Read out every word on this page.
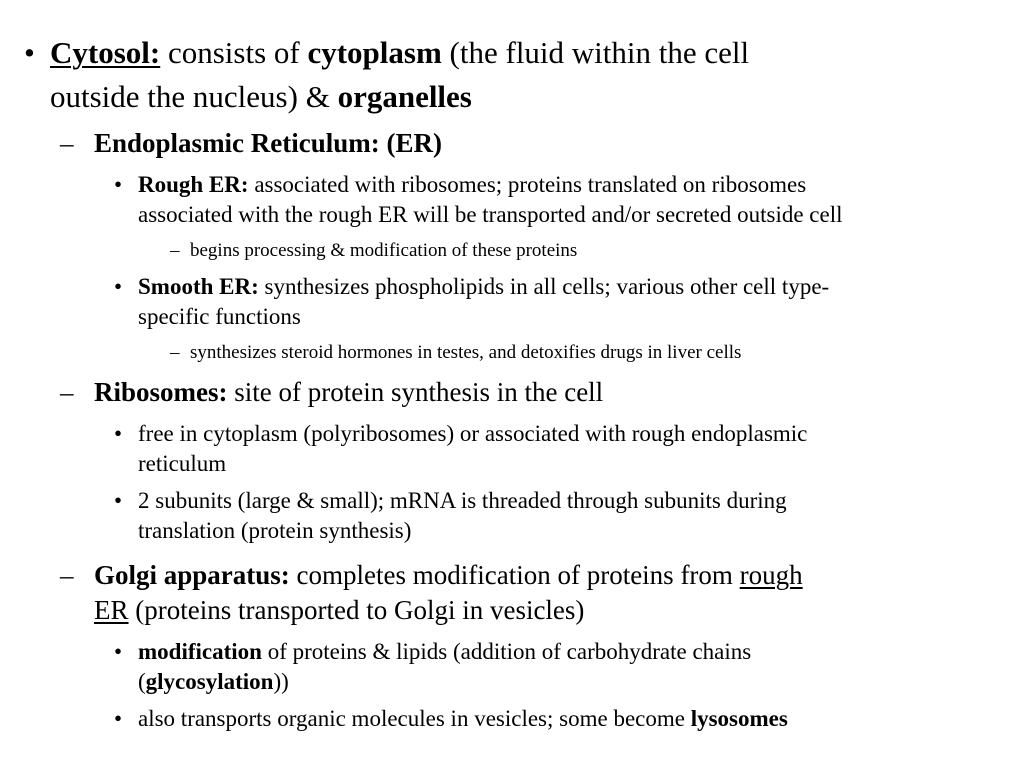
• Cytosol: consists of cytoplasm (the fluid within the cell
outside the nucleus) & organelles
– Endoplasmic Reticulum: (ER)
• Rough ER: associated with ribosomes; proteins translated on ribosomes
associated with the rough ER will be transported and/or secreted outside cell
– begins processing & modification of these proteins
• Smooth ER: synthesizes phospholipids in all cells; various other cell type-
specific functions
– synthesizes steroid hormones in testes, and detoxifies drugs in liver cells
– Ribosomes: site of protein synthesis in the cell
• free in cytoplasm (polyribosomes) or associated with rough endoplasmic
reticulum
• 2 subunits (large & small); mRNA is threaded through subunits during
translation (protein synthesis)
– Golgi apparatus: completes modification of proteins from rough
ER (proteins transported to Golgi in vesicles)
• modification of proteins & lipids (addition of carbohydrate chains
(glycosylation))
• also transports organic molecules in vesicles; some become lysosomes
